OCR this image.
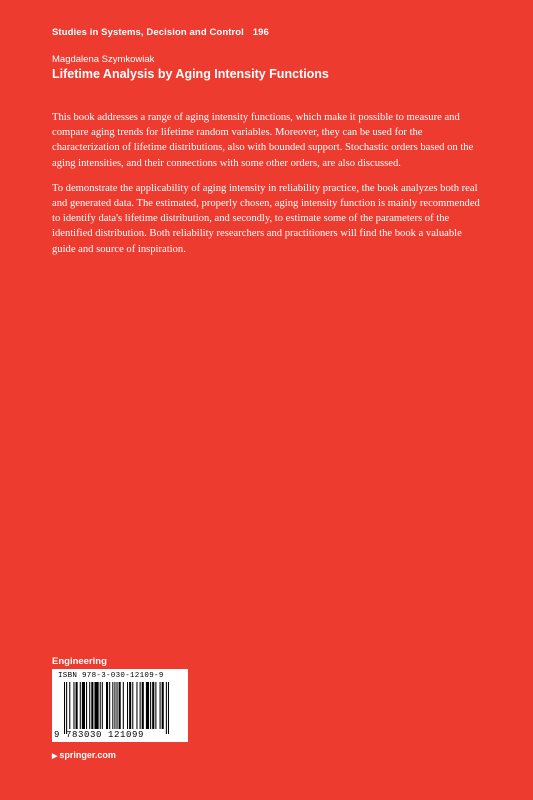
Studies in Systems, Decision and Control 196
Magdalena Szymkowiak
Lifetime Analysis by Aging Intensity Functions

This book addresses a range of aging intensity functions, which make it possible to measure and compare aging trends for lifetime random variables. Moreover, they can be used for the characterization of lifetime distributions, also with bounded support. Stochastic orders based on the aging intensities, and their connections with some other orders, are also discussed.

To demonstrate the applicability of aging intensity in reliability practice, the book analyzes both real and generated data. The estimated, properly chosen, aging intensity function is mainly recommended to identify data's lifetime distribution, and secondly, to estimate some of the parameters of the identified distribution. Both reliability researchers and practitioners will find the book a valuable guide and source of inspiration.

Engineering
ISBN 978-3-030-12109-9
9 783030 121099
▶ springer.com
